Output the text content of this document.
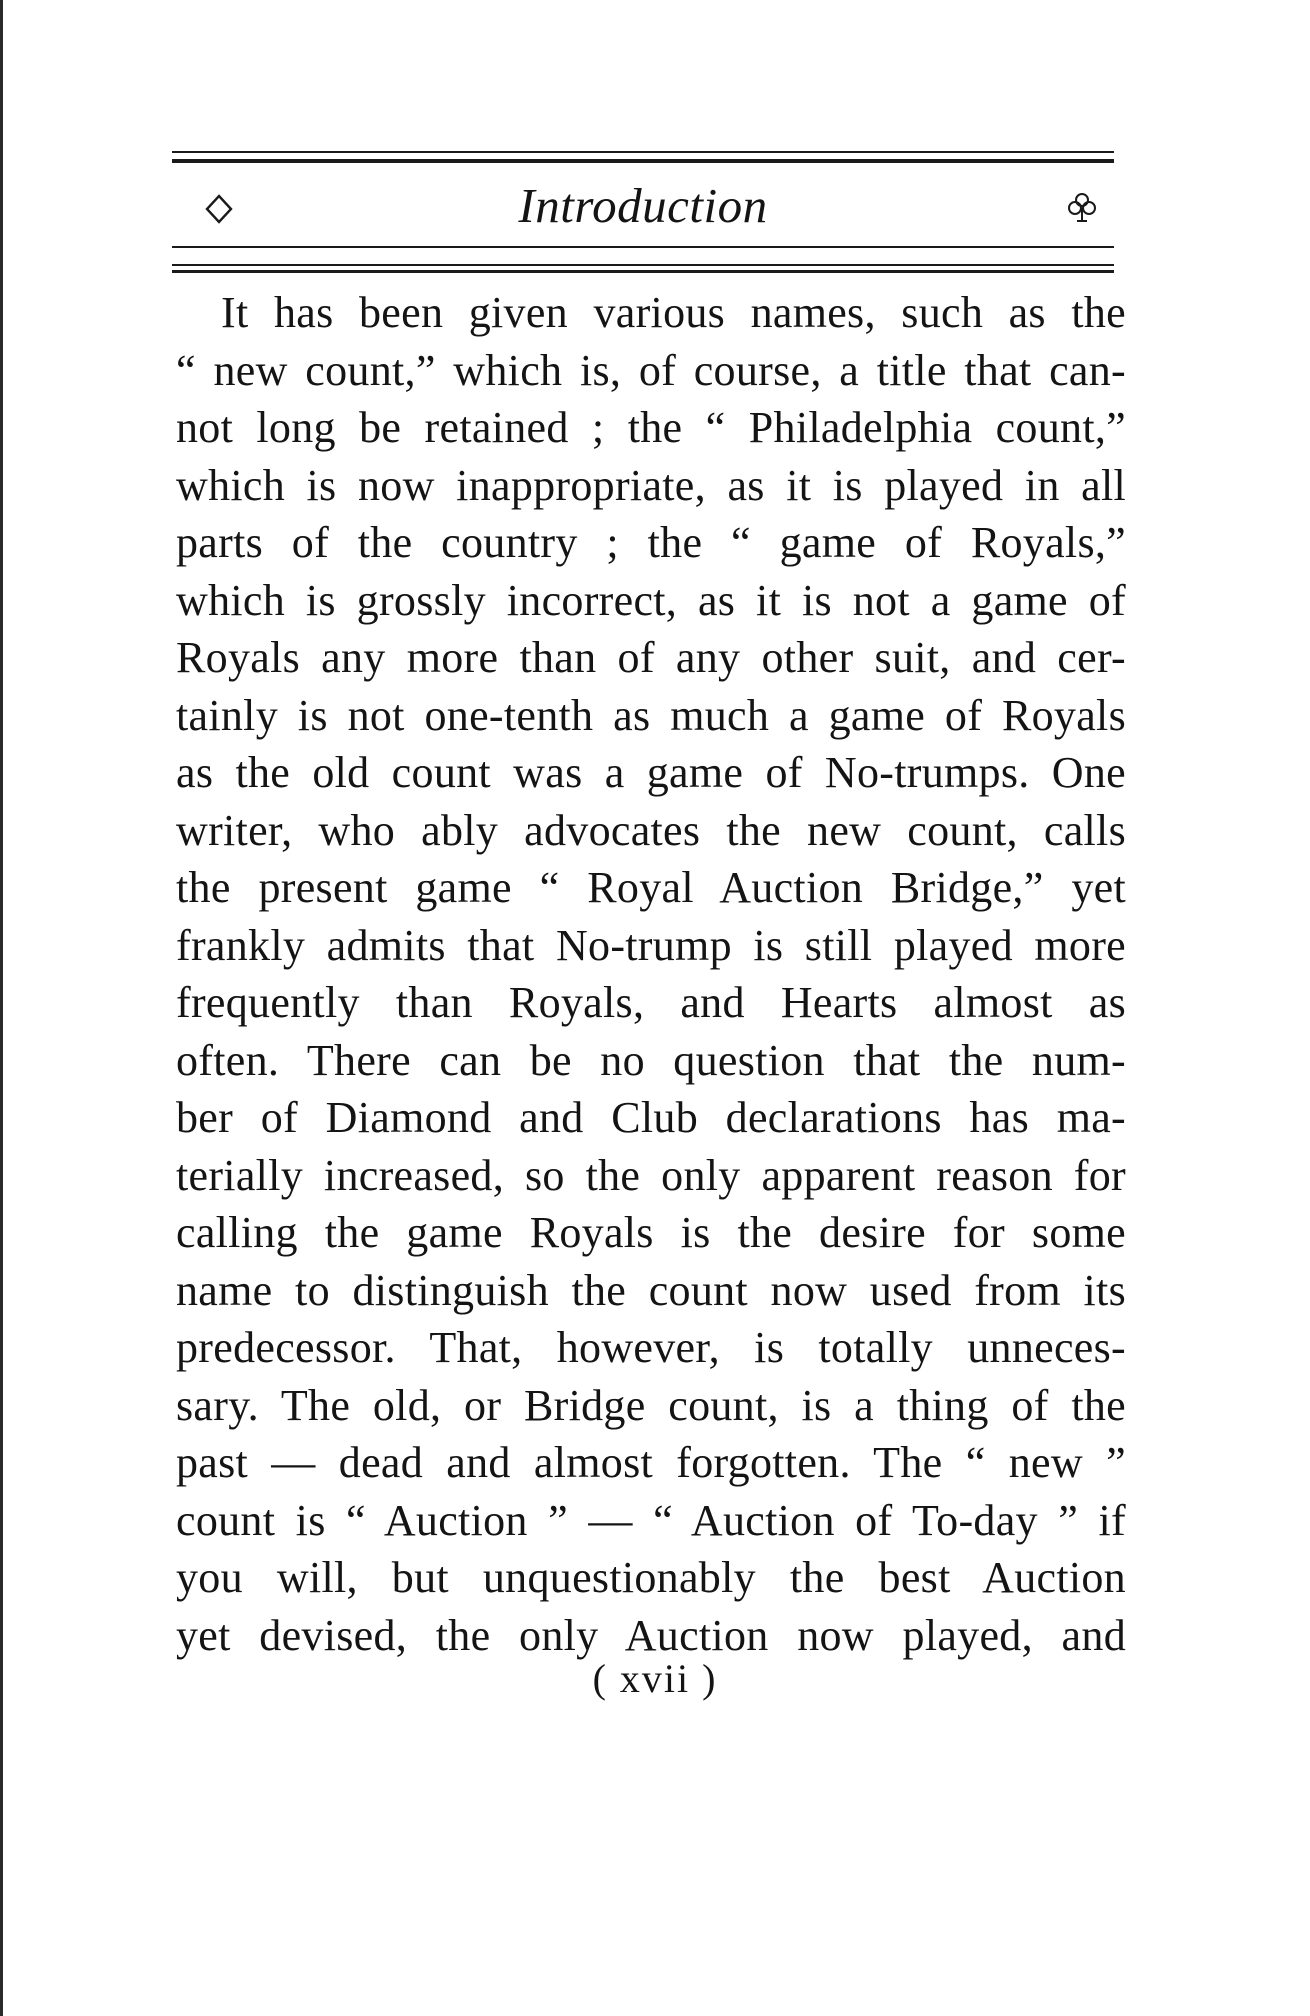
Introduction
It has been given various names, such as the
“ new count,” which is, of course, a title that can-
not long be retained ; the “ Philadelphia count,”
which is now inappropriate, as it is played in all
parts of the country ; the “ game of Royals,”
which is grossly incorrect, as it is not a game of
Royals any more than of any other suit, and cer-
tainly is not one-tenth as much a game of Royals
as the old count was a game of No-trumps. One
writer, who ably advocates the new count, calls
the present game “ Royal Auction Bridge,” yet
frankly admits that No-trump is still played more
frequently than Royals, and Hearts almost as
often. There can be no question that the num-
ber of Diamond and Club declarations has ma-
terially increased, so the only apparent reason for
calling the game Royals is the desire for some
name to distinguish the count now used from its
predecessor. That, however, is totally unneces-
sary. The old, or Bridge count, is a thing of the
past — dead and almost forgotten. The “ new ”
count is “ Auction ” — “ Auction of To-day ” if
you will, but unquestionably the best Auction
yet devised, the only Auction now played, and
( xvii )
